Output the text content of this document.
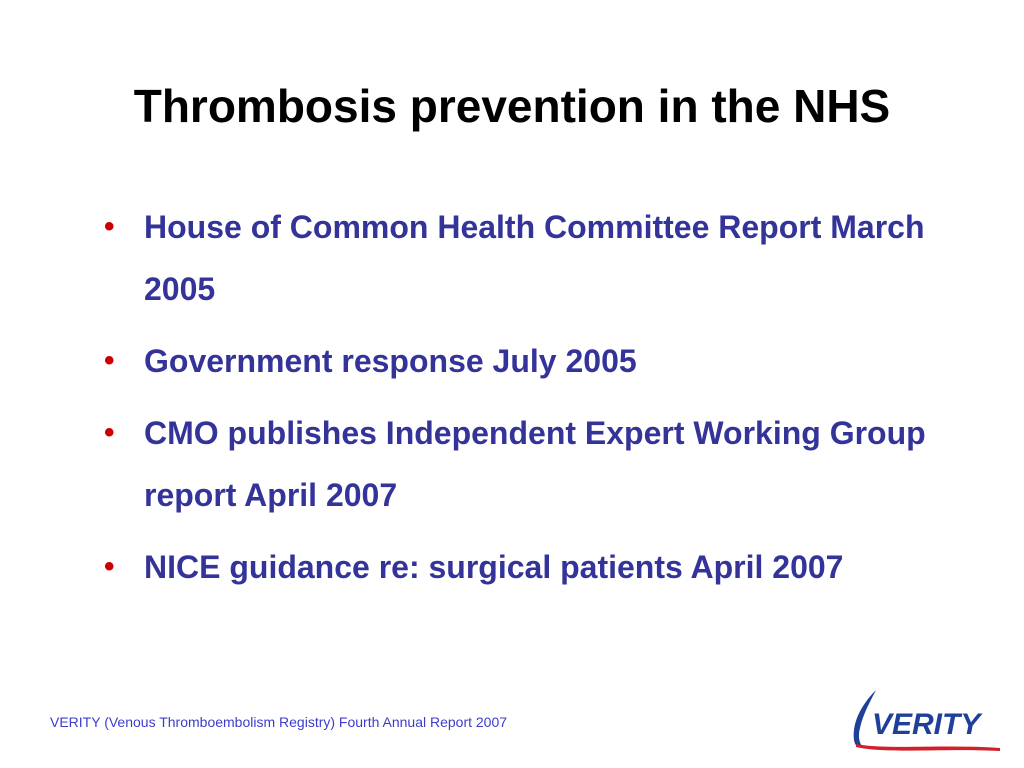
Thrombosis prevention in the NHS
• House of Common Health Committee Report March 2005
• Government response July 2005
• CMO publishes Independent Expert Working Group report April 2007
• NICE guidance re: surgical patients April 2007
VERITY (Venous Thromboembolism Registry) Fourth Annual Report 2007	VERITY
